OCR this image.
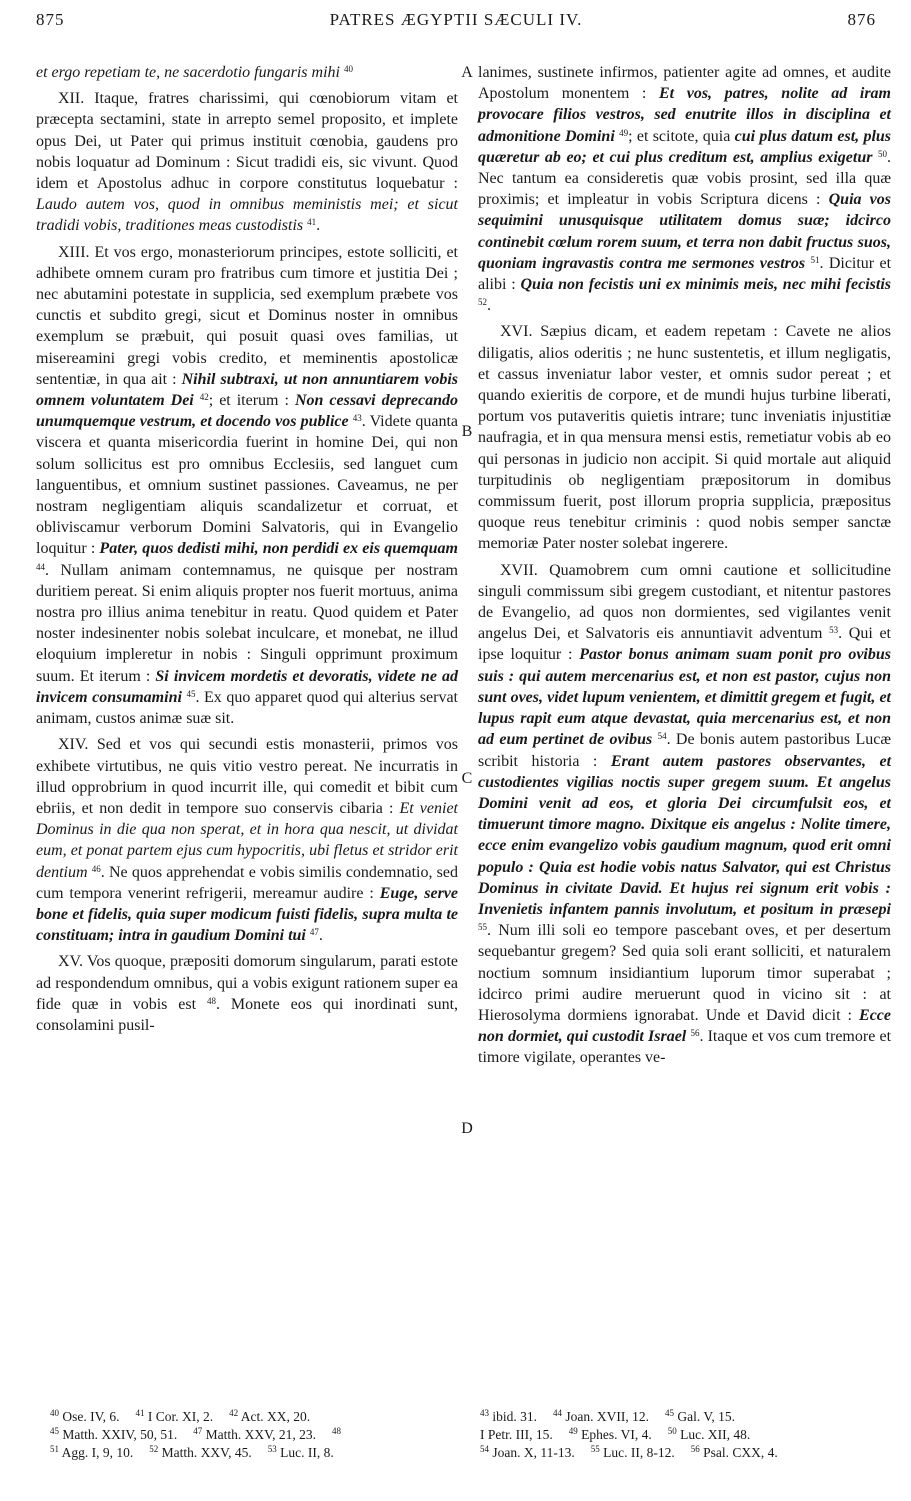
875	PATRES ÆGYPTII SÆCULI IV.	876
A
B
C
D

et ergo repetiam te, ne sacerdotio fungaris mihi $^{40}$

XII. Itaque, fratres charissimi, qui cœnobiorum vitam et præcepta sectamini, state in arrepto semel proposito, et implete opus Dei, ut Pater qui primus instituit cœnobia, gaudens pro nobis loquatur ad Dominum : Sicut tradidi eis, sic vivunt. Quod idem et Apostolus adhuc in corpore constitutus loquebatur : Laudo autem vos, quod in omnibus meministis mei; et sicut tradidi vobis, traditiones meas custodistis $^{41}$.

XIII. Et vos ergo, monasteriorum principes, estote solliciti, et adhibete omnem curam pro fratribus cum timore et justitia Dei ; nec abutamini potestate in supplicia, sed exemplum præbete vos cunctis et subdito gregi, sicut et Dominus noster in omnibus exemplum se præbuit, qui posuit quasi oves familias, ut misereamini gregi vobis credito, et meminentis apostolicæ sententiæ, in qua ait : Nihil subtraxi, ut non annuntiarem vobis omnem voluntatem Dei $^{42}$; et iterum : Non cessavi deprecando unumquemque vestrum, et docendo vos publice $^{43}$. Videte quanta viscera et quanta misericordia fuerint in homine Dei, qui non solum sollicitus est pro omnibus Ecclesiis, sed languet cum languentibus, et omnium sustinet passiones. Caveamus, ne per nostram negligentiam aliquis scandalizetur et corruat, et obliviscamur verborum Domini Salvatoris, qui in Evangelio loquitur : Pater, quos dedisti mihi, non perdidi ex eis quemquam $^{44}$. Nullam animam contemnamus, ne quisque per nostram duritiem pereat. Si enim aliquis propter nos fuerit mortuus, anima nostra pro illius anima tenebitur in reatu. Quod quidem et Pater noster indesinenter nobis solebat inculcare, et monebat, ne illud eloquium impleretur in nobis : Singuli opprimunt proximum suum. Et iterum : Si invicem mordetis et devoratis, videte ne ad invicem consumamini $^{45}$. Ex quo apparet quod qui alterius servat animam, custos animæ suæ sit.

XIV. Sed et vos qui secundi estis monasterii, primos vos exhibete virtutibus, ne quis vitio vestro pereat. Ne incurratis in illud opprobrium in quod incurrit ille, qui comedit et bibit cum ebriis, et non dedit in tempore suo conservis cibaria : Et veniet Dominus in die qua non sperat, et in hora qua nescit, ut dividat eum, et ponat partem ejus cum hypocritis, ubi fletus et stridor erit dentium $^{46}$. Ne quos apprehendat e vobis similis condemnatio, sed cum tempora venerint refrigerii, mereamur audire : Euge, serve bone et fidelis, quia super modicum fuisti fidelis, supra multa te constituam; intra in gaudium Domini tui $^{47}$.

XV. Vos quoque, præpositi domorum singularum, parati estote ad respondendum omnibus, qui a vobis exigunt rationem super ea fide quæ in vobis est $^{48}$. Monete eos qui inordinati sunt, consolamini pusil-

lanimes, sustinete infirmos, patienter agite ad omnes, et audite Apostolum monentem : Et vos, patres, nolite ad iram provocare filios vestros, sed enutrite illos in disciplina et admonitione Domini $^{49}$; et scitote, quia cui plus datum est, plus quæretur ab eo; et cui plus creditum est, amplius exigetur $^{50}$. Nec tantum ea consideretis quæ vobis prosint, sed illa quæ proximis; et impleatur in vobis Scriptura dicens : Quia vos sequimini unusquisque utilitatem domus suæ; idcirco continebit cœlum rorem suum, et terra non dabit fructus suos, quoniam ingravastis contra me sermones vestros $^{51}$. Dicitur et alibi : Quia non fecistis uni ex minimis meis, nec mihi fecistis $^{52}$.

XVI. Sæpius dicam, et eadem repetam : Cavete ne alios diligatis, alios oderitis ; ne hunc sustentetis, et illum negligatis, et cassus inveniatur labor vester, et omnis sudor pereat ; et quando exieritis de corpore, et de mundi hujus turbine liberati, portum vos putaveritis quietis intrare; tunc inveniatis injustitiæ naufragia, et in qua mensura mensi estis, remetiatur vobis ab eo qui personas in judicio non accipit. Si quid mortale aut aliquid turpitudinis ob negligentiam præpositorum in domibus commissum fuerit, post illorum propria supplicia, præpositus quoque reus tenebitur criminis : quod nobis semper sanctæ memoriæ Pater noster solebat ingerere.

XVII. Quamobrem cum omni cautione et sollicitudine singuli commissum sibi gregem custodiant, et nitentur pastores de Evangelio, ad quos non dormientes, sed vigilantes venit angelus Dei, et Salvatoris eis annuntiavit adventum $^{53}$. Qui et ipse loquitur : Pastor bonus animam suam ponit pro ovibus suis : qui autem mercenarius est, et non est pastor, cujus non sunt oves, videt lupum venientem, et dimittit gregem et fugit, et lupus rapit eum atque devastat, quia mercenarius est, et non ad eum pertinet de ovibus $^{54}$. De bonis autem pastoribus Lucæ scribit historia : Erant autem pastores observantes, et custodientes vigilias noctis super gregem suum. Et angelus Domini venit ad eos, et gloria Dei circumfulsit eos, et timuerunt timore magno. Dixitque eis angelus : Nolite timere, ecce enim evangelizo vobis gaudium magnum, quod erit omni populo : Quia est hodie vobis natus Salvator, qui est Christus Dominus in civitate David. Et hujus rei signum erit vobis : Invenietis infantem pannis involutum, et positum in præsepi $^{55}$. Num illi soli eo tempore pascebant oves, et per desertum sequebantur gregem? Sed quia soli erant solliciti, et naturalem noctium somnum insidiantium luporum timor superabat ; idcirco primi audire meruerunt quod in vicino sit : at Hierosolyma dormiens ignorabat. Unde et David dicit : Ecce non dormiet, qui custodit Israel $^{56}$. Itaque et vos cum tremore et timore vigilate, operantes ve-

$^{40}$ Ose. IV, 6. $^{41}$ I Cor. XI, 2. $^{42}$ Act. XX, 20.
$^{45}$ Matth. XXIV, 50, 51. $^{47}$ Matth. XXV, 21, 23. $^{48}$
$^{51}$ Agg. I, 9, 10. $^{52}$ Matth. XXV, 45. $^{53}$ Luc. II, 8.
$^{43}$ ibid. 31. $^{44}$ Joan. XVII, 12. $^{45}$ Gal. V, 15.
I Petr. III, 15. $^{49}$ Ephes. VI, 4. $^{50}$ Luc. XII, 48.
$^{54}$ Joan. X, 11-13. $^{55}$ Luc. II, 8-12. $^{56}$ Psal. CXX, 4.
